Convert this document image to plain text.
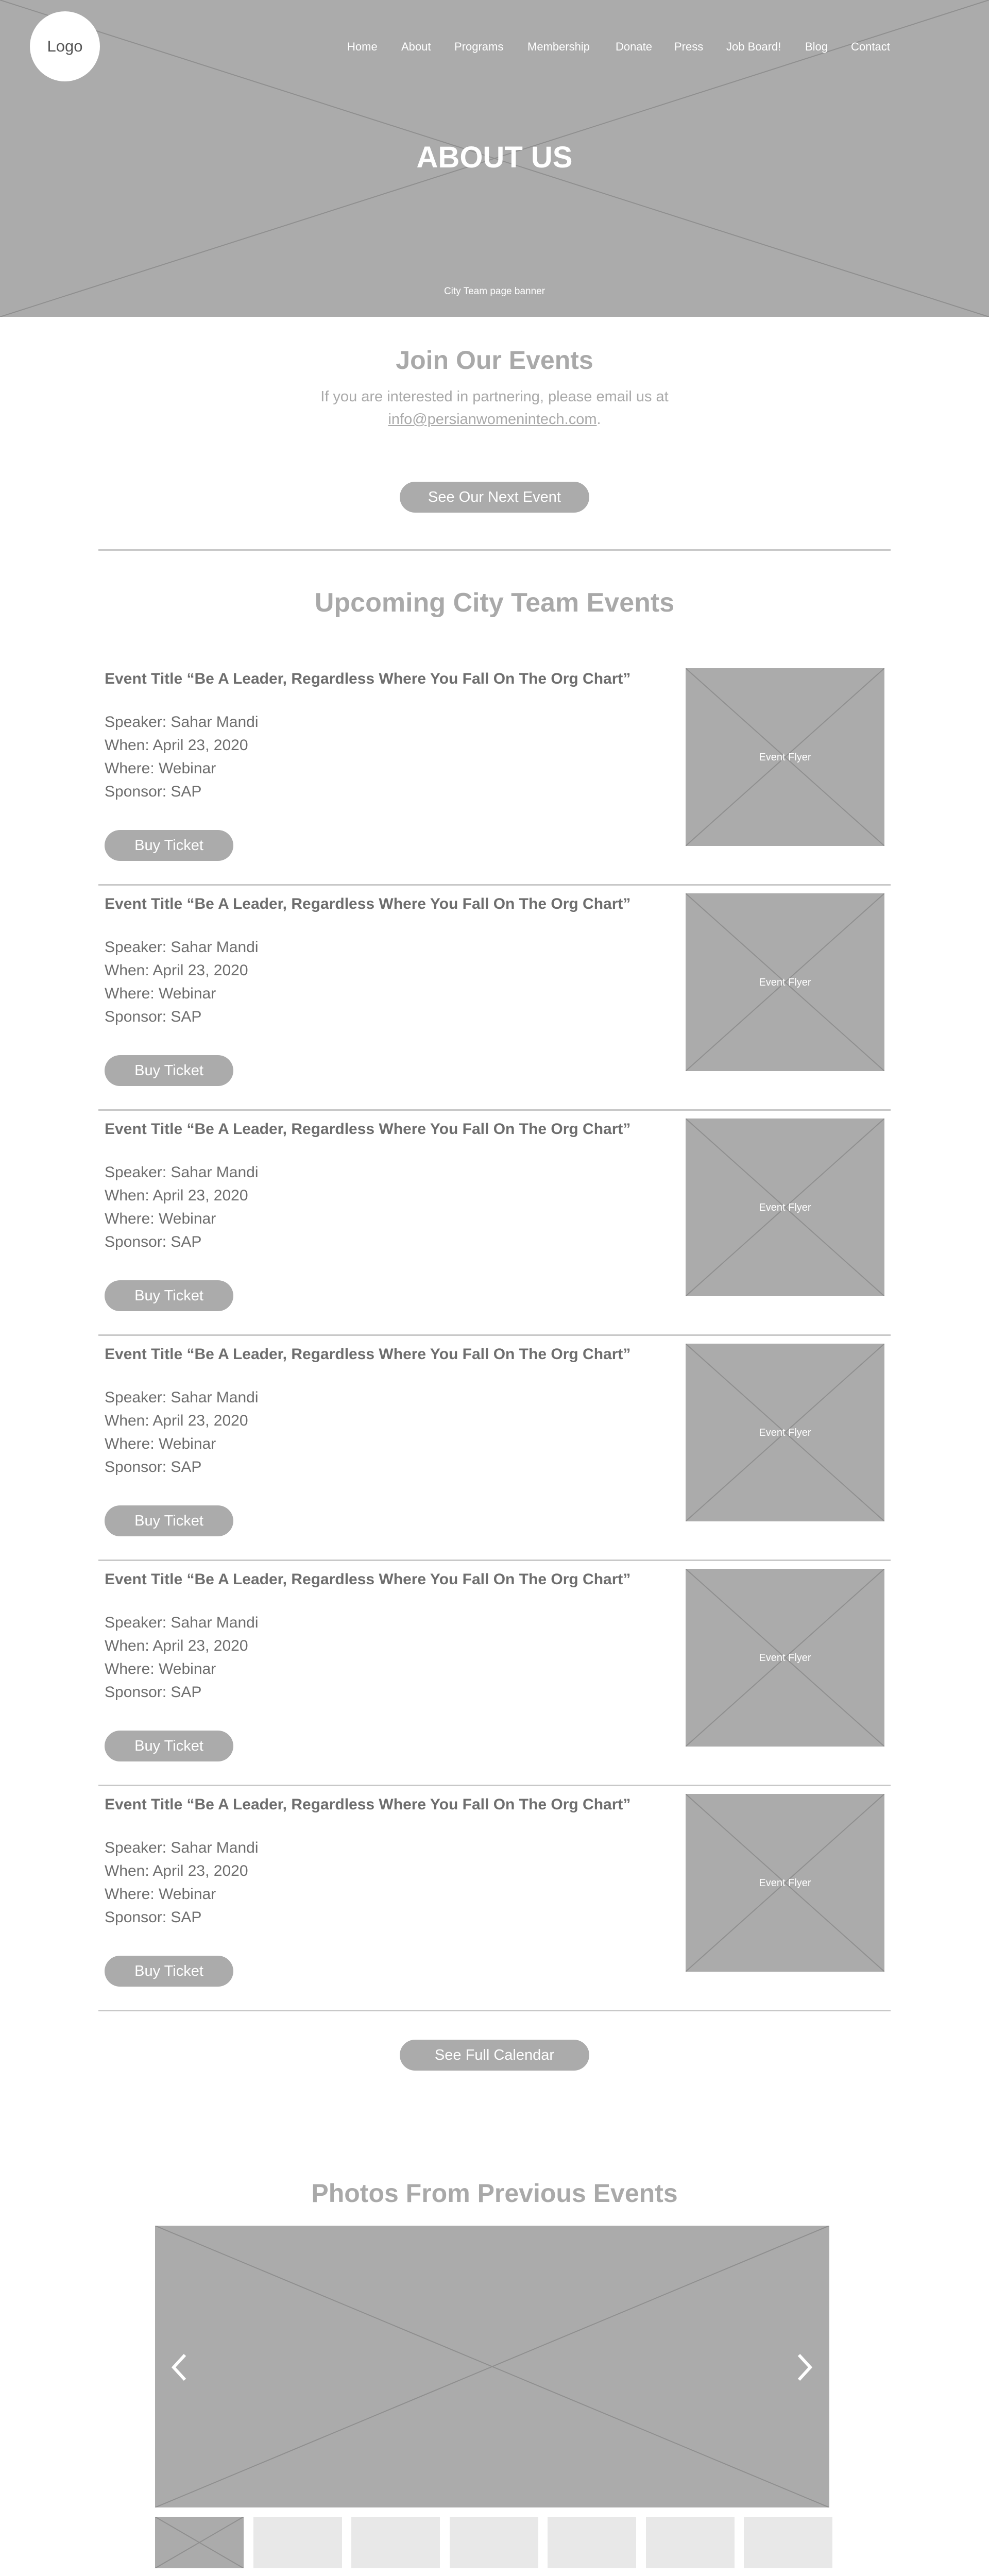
Logo	Home About Programs Membership Donate Press Job Board! Blog Contact
ABOUT US
City Team page banner
Join Our Events
If you are interested in partnering, please email us at
info@persianwomenintech.com.
See Our Next Event
Upcoming City Team Events
Event Title “Be A Leader, Regardless Where You Fall On The Org Chart”
Speaker: Sahar Mandi
When: April 23, 2020
Where: Webinar
Sponsor: SAP
Buy Ticket
Event Flyer
Event Title “Be A Leader, Regardless Where You Fall On The Org Chart”
Speaker: Sahar Mandi
When: April 23, 2020
Where: Webinar
Sponsor: SAP
Buy Ticket
Event Flyer
Event Title “Be A Leader, Regardless Where You Fall On The Org Chart”
Speaker: Sahar Mandi
When: April 23, 2020
Where: Webinar
Sponsor: SAP
Buy Ticket
Event Flyer
Event Title “Be A Leader, Regardless Where You Fall On The Org Chart”
Speaker: Sahar Mandi
When: April 23, 2020
Where: Webinar
Sponsor: SAP
Buy Ticket
Event Flyer
Event Title “Be A Leader, Regardless Where You Fall On The Org Chart”
Speaker: Sahar Mandi
When: April 23, 2020
Where: Webinar
Sponsor: SAP
Buy Ticket
Event Flyer
Event Title “Be A Leader, Regardless Where You Fall On The Org Chart”
Speaker: Sahar Mandi
When: April 23, 2020
Where: Webinar
Sponsor: SAP
Buy Ticket
Event Flyer
See Full Calendar
Photos From Previous Events
